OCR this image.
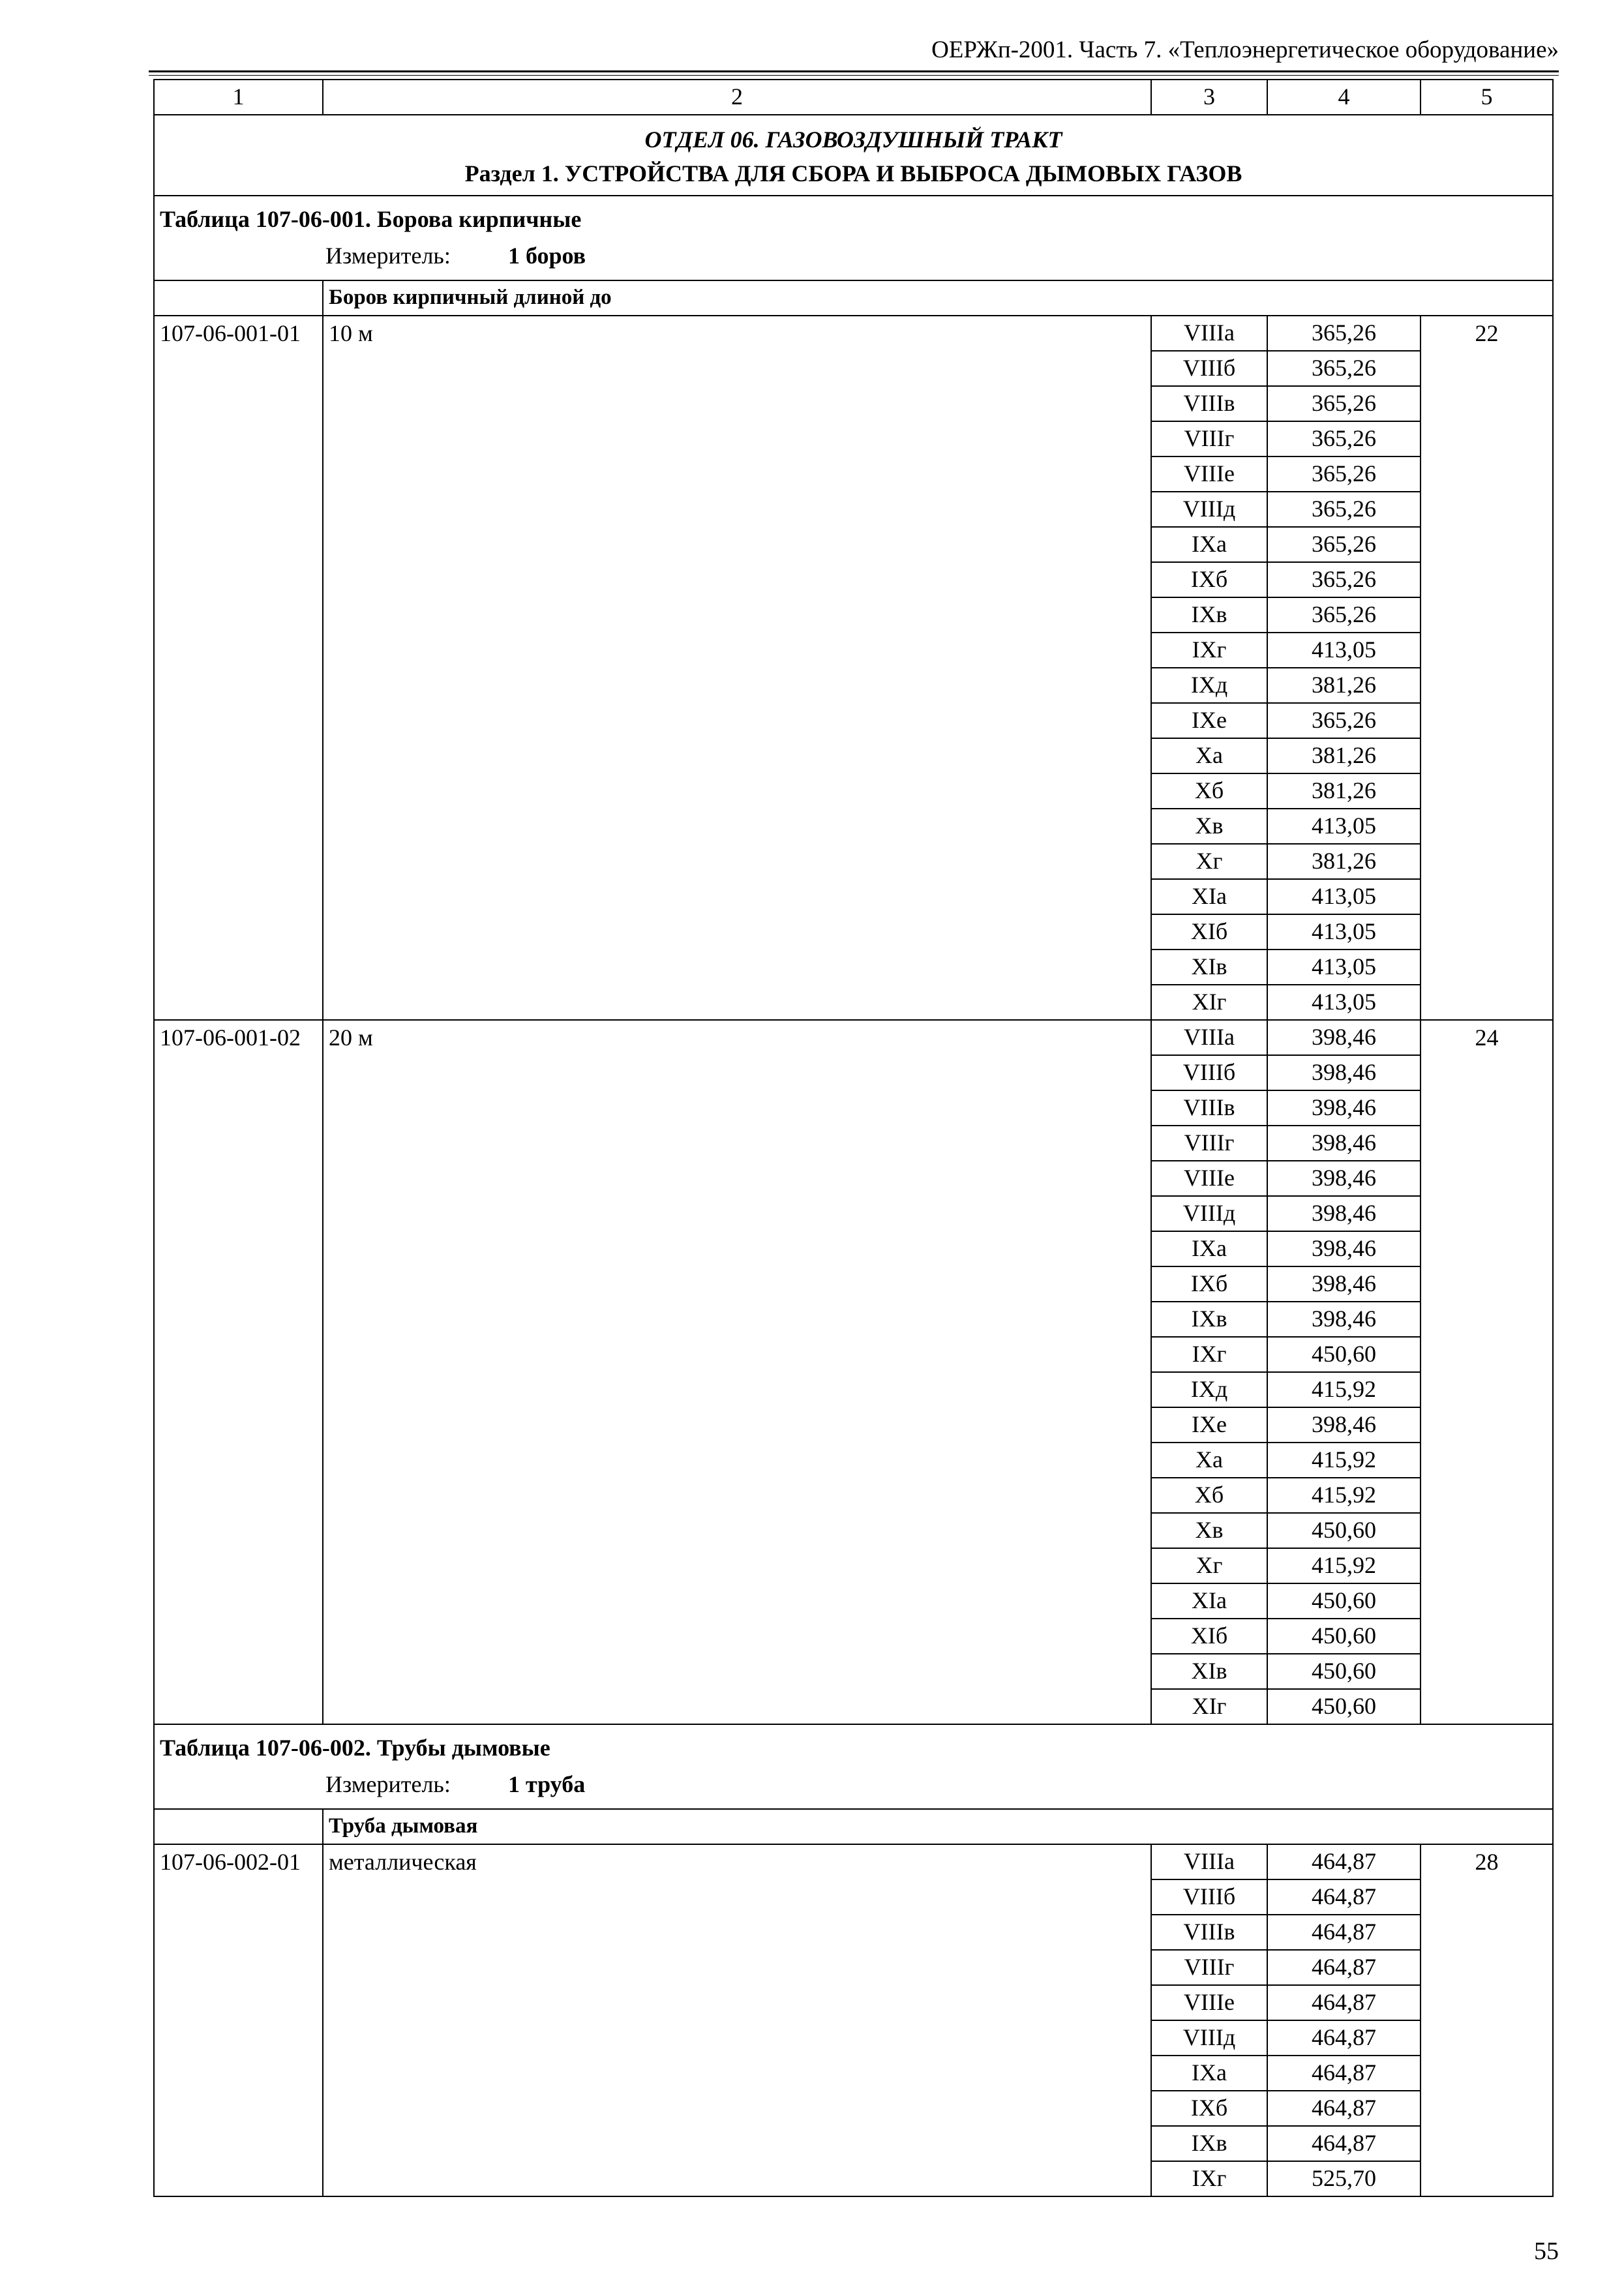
ОЕРЖп-2001. Часть 7. «Теплоэнергетическое оборудование»
1	2	3	4	5
ОТДЕЛ 06. ГАЗОВОЗДУШНЫЙ ТРАКТ				
Раздел 1. УСТРОЙСТВА ДЛЯ СБОРА И ВЫБРОСА ДЫМОВЫХ ГАЗОВ				
Таблица 107-06-001. Борова кирпичные				
Измеритель: 1 боров				
	Боров кирпичный длиной до			
107-06-001-01	10 м	VIIIа	365,26	22
		VIIIб	365,26	
		VIIIв	365,26	
		VIIIг	365,26	
		VIIIе	365,26	
		VIIIд	365,26	
		IXа	365,26	
		IXб	365,26	
		IXв	365,26	
		IXг	413,05	
		IXд	381,26	
		IXе	365,26	
		Xа	381,26	
		Xб	381,26	
		Xв	413,05	
		Xг	381,26	
		XIа	413,05	
		XIб	413,05	
		XIв	413,05	
		XIг	413,05	
107-06-001-02	20 м	VIIIа	398,46	24
		VIIIб	398,46	
		VIIIв	398,46	
		VIIIг	398,46	
		VIIIе	398,46	
		VIIIд	398,46	
		IXа	398,46	
		IXб	398,46	
		IXв	398,46	
		IXг	450,60	
		IXд	415,92	
		IXе	398,46	
		Xа	415,92	
		Xб	415,92	
		Xв	450,60	
		Xг	415,92	
		XIа	450,60	
		XIб	450,60	
		XIв	450,60	
		XIг	450,60	
Таблица 107-06-002. Трубы дымовые				
Измеритель: 1 труба				
	Труба дымовая			
107-06-002-01	металлическая	VIIIа	464,87	28
		VIIIб	464,87	
		VIIIв	464,87	
		VIIIг	464,87	
		VIIIе	464,87	
		VIIIд	464,87	
		IXа	464,87	
		IXб	464,87	
		IXв	464,87	
		IXг	525,70	
55
